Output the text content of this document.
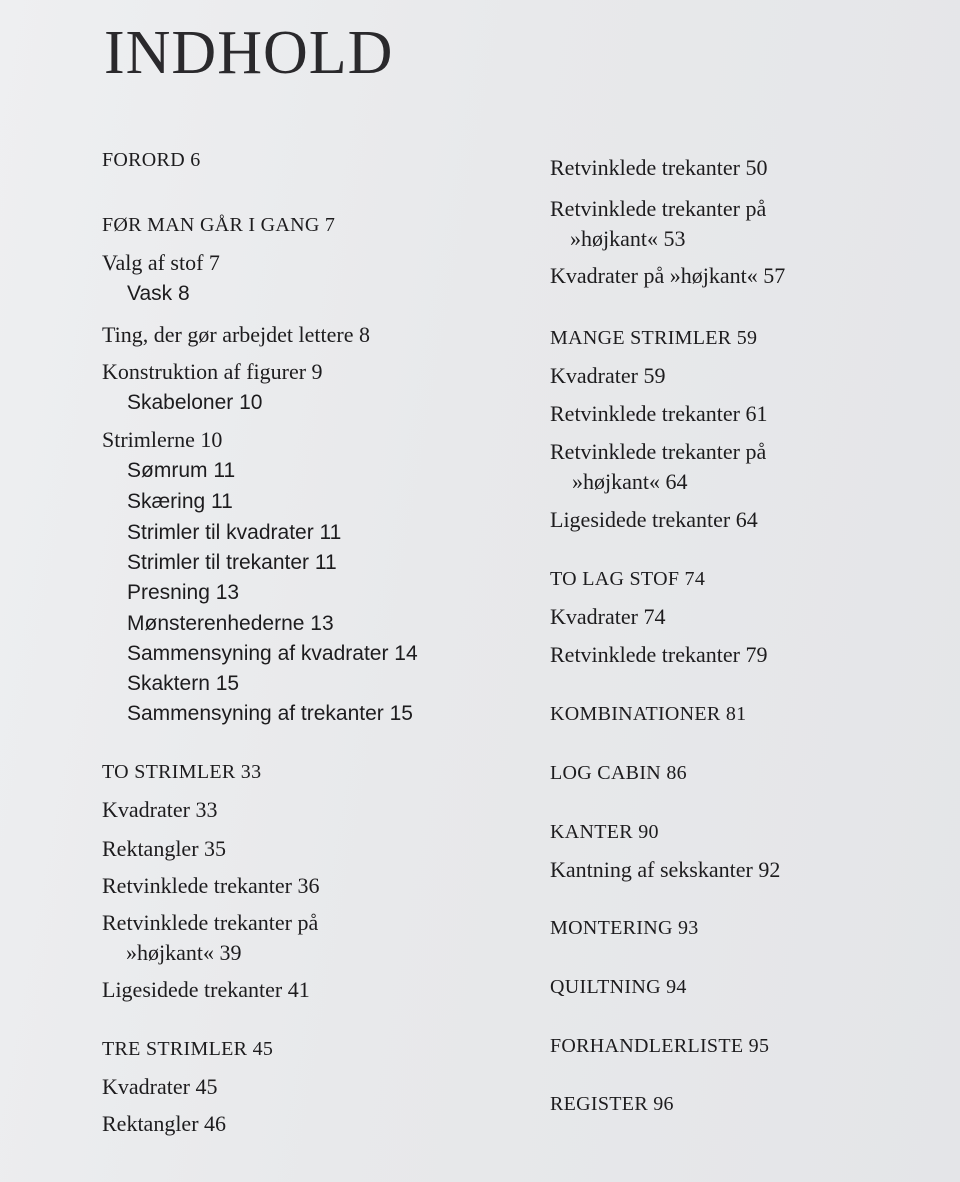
INDHOLD
FORORD 6
FØR MAN GÅR I GANG 7
Valg af stof 7
Vask 8
Ting, der gør arbejdet lettere 8
Konstruktion af figurer 9
Skabeloner 10
Strimlerne 10
Sømrum 11
Skæring 11
Strimler til kvadrater 11
Strimler til trekanter 11
Presning 13
Mønsterenhederne 13
Sammensyning af kvadrater 14
Skaktern 15
Sammensyning af trekanter 15
TO STRIMLER 33
Kvadrater 33
Rektangler 35
Retvinklede trekanter 36
Retvinklede trekanter på
»højkant« 39
Ligesidede trekanter 41
TRE STRIMLER 45
Kvadrater 45
Rektangler 46
Retvinklede trekanter 50
Retvinklede trekanter på
»højkant« 53
Kvadrater på »højkant« 57
MANGE STRIMLER 59
Kvadrater 59
Retvinklede trekanter 61
Retvinklede trekanter på
»højkant« 64
Ligesidede trekanter 64
TO LAG STOF 74
Kvadrater 74
Retvinklede trekanter 79
KOMBINATIONER 81
LOG CABIN 86
KANTER 90
Kantning af sekskanter 92
MONTERING 93
QUILTNING 94
FORHANDLERLISTE 95
REGISTER 96
